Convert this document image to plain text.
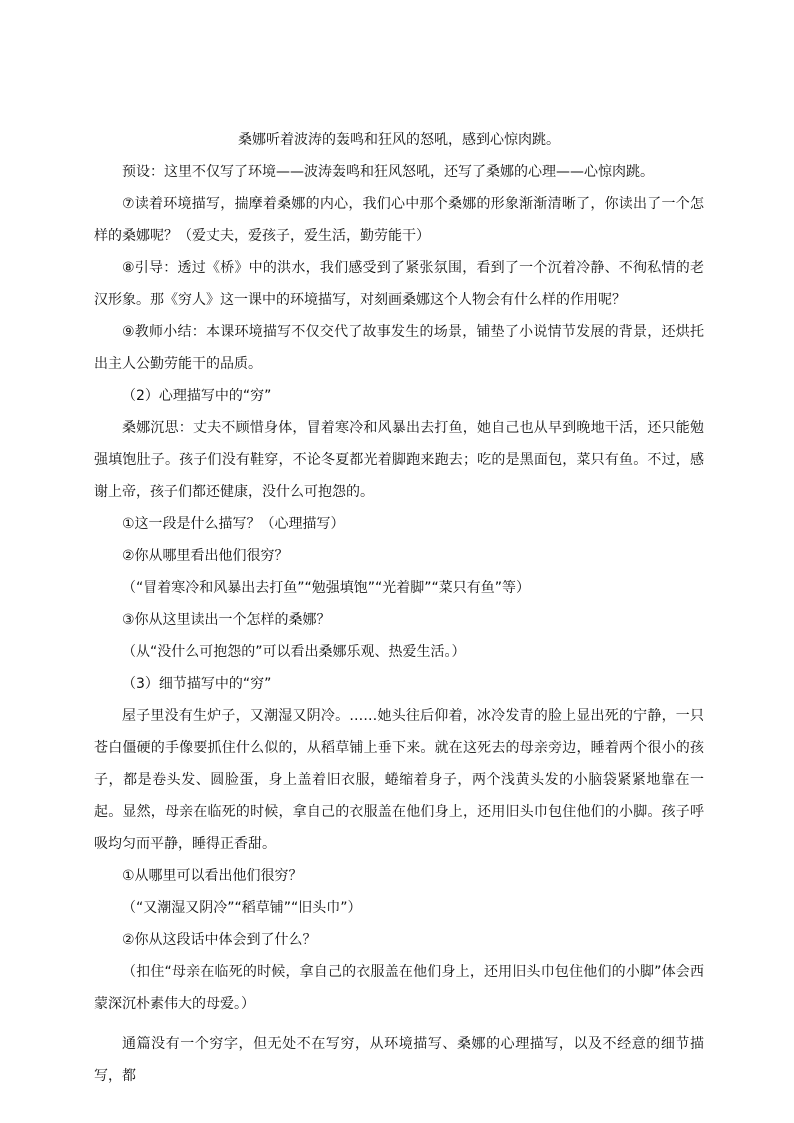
桑娜听着波涛的轰鸣和狂风的怒吼，感到心惊肉跳。

预设：这里不仅写了环境——波涛轰鸣和狂风怒吼，还写了桑娜的心理——心惊肉跳。

⑦读着环境描写，揣摩着桑娜的内心，我们心中那个桑娜的形象渐渐清晰了，你读出了一个怎样的桑娜呢？（爱丈夫，爱孩子，爱生活，勤劳能干）

⑧引导：透过《桥》中的洪水，我们感受到了紧张氛围，看到了一个沉着冷静、不徇私情的老汉形象。那《穷人》这一课中的环境描写，对刻画桑娜这个人物会有什么样的作用呢？

⑨教师小结：本课环境描写不仅交代了故事发生的场景，铺垫了小说情节发展的背景，还烘托出主人公勤劳能干的品质。

（2）心理描写中的“穷”

桑娜沉思：丈夫不顾惜身体，冒着寒冷和风暴出去打鱼，她自己也从早到晚地干活，还只能勉强填饱肚子。孩子们没有鞋穿，不论冬夏都光着脚跑来跑去；吃的是黑面包，菜只有鱼。不过，感谢上帝，孩子们都还健康，没什么可抱怨的。

①这一段是什么描写？（心理描写）

②你从哪里看出他们很穷？

（“冒着寒冷和风暴出去打鱼”“勉强填饱”“光着脚”“菜只有鱼”等）

③你从这里读出一个怎样的桑娜？

（从“没什么可抱怨的”可以看出桑娜乐观、热爱生活。）

（3）细节描写中的“穷”

屋子里没有生炉子，又潮湿又阴冷。……她头往后仰着，冰冷发青的脸上显出死的宁静，一只苍白僵硬的手像要抓住什么似的，从稻草铺上垂下来。就在这死去的母亲旁边，睡着两个很小的孩子，都是卷头发、圆脸蛋，身上盖着旧衣服，蜷缩着身子，两个浅黄头发的小脑袋紧紧地靠在一起。显然，母亲在临死的时候，拿自己的衣服盖在他们身上，还用旧头巾包住他们的小脚。孩子呼吸均匀而平静，睡得正香甜。

①从哪里可以看出他们很穷？

（“又潮湿又阴冷”“稻草铺”“旧头巾”）

②你从这段话中体会到了什么？

（扣住“母亲在临死的时候，拿自己的衣服盖在他们身上，还用旧头巾包住他们的小脚”体会西蒙深沉朴素伟大的母爱。）

通篇没有一个穷字，但无处不在写穷，从环境描写、桑娜的心理描写，以及不经意的细节描写，都
